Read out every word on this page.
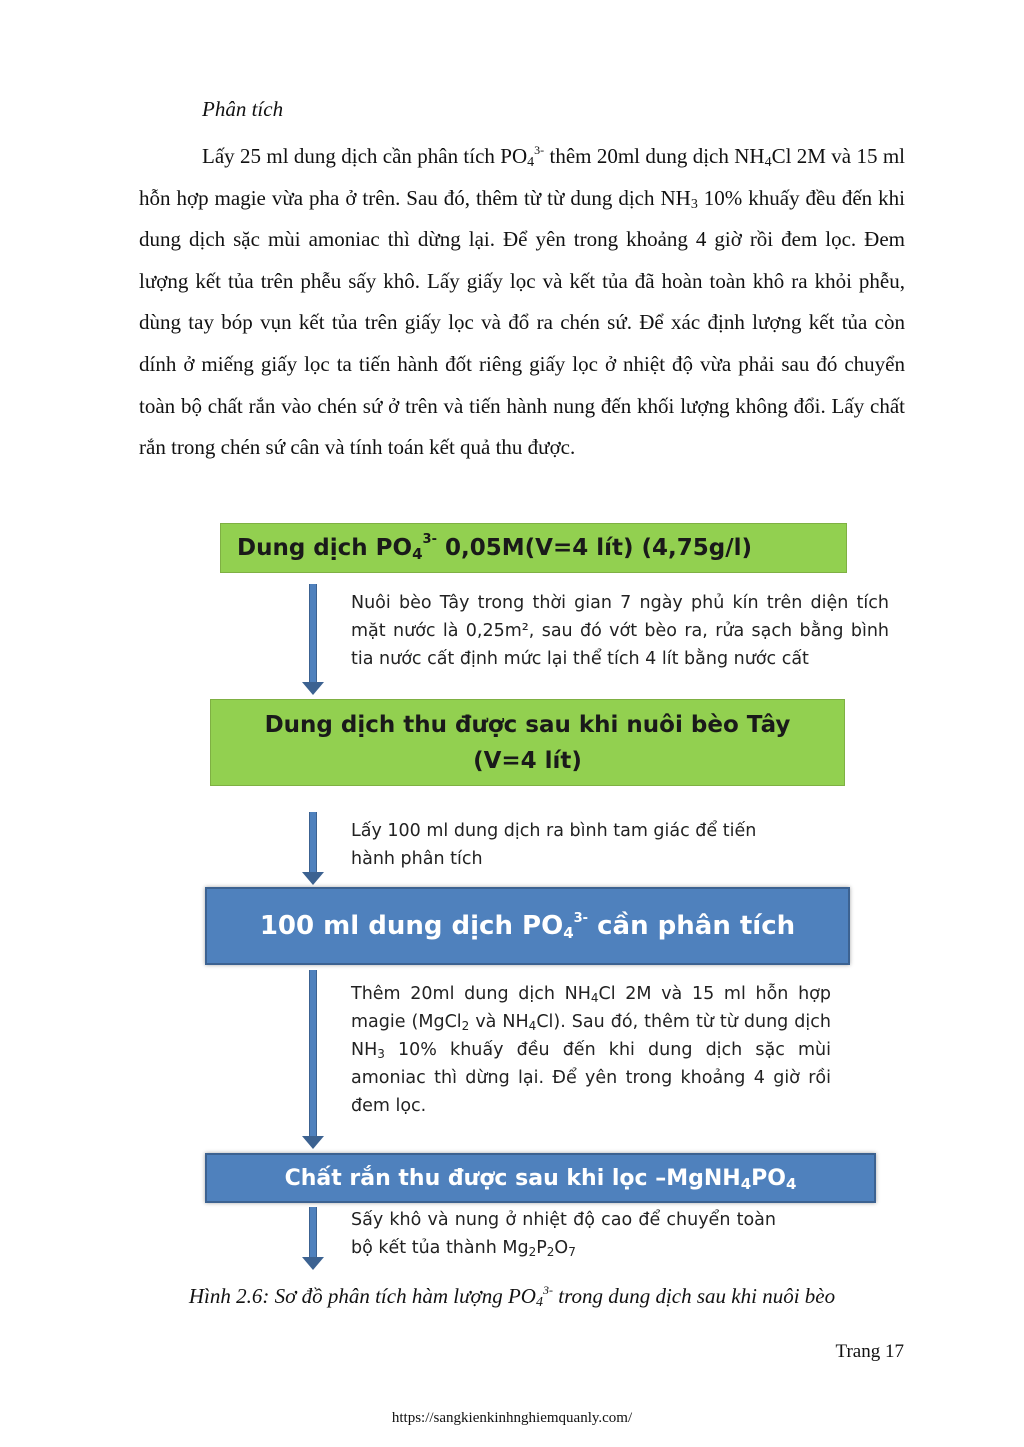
Phân tích
Lấy 25 ml dung dịch cần phân tích $PO_4^{3-}$ thêm 20ml dung dịch $NH_4Cl$ 2M và 15 ml hỗn hợp magie vừa pha ở trên. Sau đó, thêm từ từ dung dịch $NH_3$ 10% khuấy đều đến khi dung dịch sặc mùi amoniac thì dừng lại. Để yên trong khoảng 4 giờ rồi đem lọc. Đem lượng kết tủa trên phễu sấy khô. Lấy giấy lọc và kết tủa đã hoàn toàn khô ra khỏi phễu, dùng tay bóp vụn kết tủa trên giấy lọc và đổ ra chén sứ. Để xác định lượng kết tủa còn dính ở miếng giấy lọc ta tiến hành đốt riêng giấy lọc ở nhiệt độ vừa phải sau đó chuyển toàn bộ chất rắn vào chén sứ ở trên và tiến hành nung đến khối lượng không đổi. Lấy chất rắn trong chén sứ cân và tính toán kết quả thu được.
Dung dịch $PO_4^{3-}$ 0,05M(V=4 lít) (4,75g/l)
Nuôi bèo Tây trong thời gian 7 ngày phủ kín trên diện tích mặt nước là 0,25m², sau đó vớt bèo ra, rửa sạch bằng bình tia nước cất định mức lại thể tích 4 lít bằng nước cất
Dung dịch thu được sau khi nuôi bèo Tây
(V=4 lít)
Lấy 100 ml dung dịch ra bình tam giác để tiến hành phân tích
100 ml dung dịch $PO_4^{3-}$ cần phân tích
Thêm 20ml dung dịch $NH_4Cl$ 2M và 15 ml hỗn hợp magie (MgCl$_2$ và $NH_4Cl$). Sau đó, thêm từ từ dung dịch $NH_3$ 10% khuấy đều đến khi dung dịch sặc mùi amoniac thì dừng lại. Để yên trong khoảng 4 giờ rồi đem lọc.
Chất rắn thu được sau khi lọc $-MgNH_4PO_4$
Sấy khô và nung ở nhiệt độ cao để chuyển toàn bộ kết tủa thành $Mg_2P_2O_7$
Hình 2.6: Sơ đồ phân tích hàm lượng $PO_4^{3-}$ trong dung dịch sau khi nuôi bèo
Trang 17
https://sangkienkinhnghiemquanly.com/
